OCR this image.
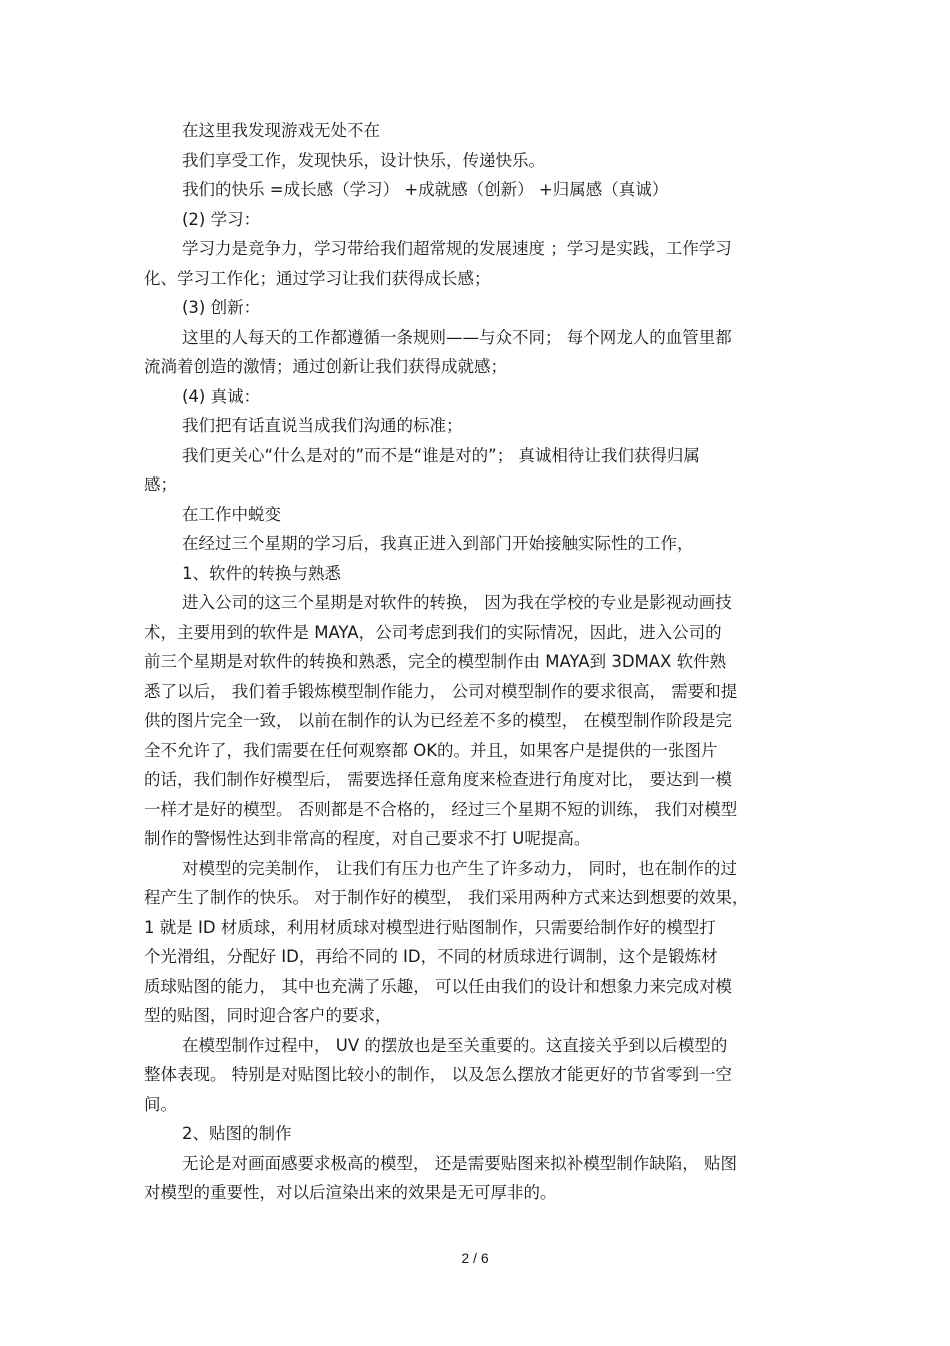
在这里我发现游戏无处不在

我们享受工作，发现快乐，设计快乐，传递快乐。

我们的快乐 =成长感（学习） +成就感（创新） +归属感（真诚）

(2) 学习：

学习力是竞争力，学习带给我们超常规的发展速度 ；学习是实践，工作学习

化、学习工作化；通过学习让我们获得成长感；

(3) 创新：

这里的人每天的工作都遵循一条规则——与众不同； 每个网龙人的血管里都

流淌着创造的激情；通过创新让我们获得成就感；

(4) 真诚：

我们把有话直说当成我们沟通的标准；

我们更关心“什么是对的”而不是“谁是对的”； 真诚相待让我们获得归属

感；

在工作中蜕变

在经过三个星期的学习后，我真正进入到部门开始接触实际性的工作，

1、软件的转换与熟悉

进入公司的这三个星期是对软件的转换， 因为我在学校的专业是影视动画技

术，主要用到的软件是 MAYA，公司考虑到我们的实际情况，因此，进入公司的

前三个星期是对软件的转换和熟悉，完全的模型制作由 MAYA到 3DMAX 软件熟

悉了以后， 我们着手锻炼模型制作能力， 公司对模型制作的要求很高， 需要和提

供的图片完全一致， 以前在制作的认为已经差不多的模型， 在模型制作阶段是完

全不允许了，我们需要在任何观察都 OK的。并且，如果客户是提供的一张图片

的话，我们制作好模型后， 需要选择任意角度来检查进行角度对比， 要达到一模

一样才是好的模型。 否则都是不合格的， 经过三个星期不短的训练， 我们对模型

制作的警惕性达到非常高的程度，对自己要求不打 U呢提高。

对模型的完美制作， 让我们有压力也产生了许多动力， 同时，也在制作的过

程产生了制作的快乐。 对于制作好的模型， 我们采用两种方式来达到想要的效果，

1 就是 ID 材质球，利用材质球对模型进行贴图制作，只需要给制作好的模型打

个光滑组，分配好 ID，再给不同的 ID，不同的材质球进行调制，这个是锻炼材

质球贴图的能力， 其中也充满了乐趣， 可以任由我们的设计和想象力来完成对模

型的贴图，同时迎合客户的要求，

在模型制作过程中， UV 的摆放也是至关重要的。这直接关乎到以后模型的

整体表现。 特别是对贴图比较小的制作， 以及怎么摆放才能更好的节省零到一空

间。

2、贴图的制作

无论是对画面感要求极高的模型， 还是需要贴图来拟补模型制作缺陷， 贴图

对模型的重要性，对以后渲染出来的效果是无可厚非的。

2 / 6
